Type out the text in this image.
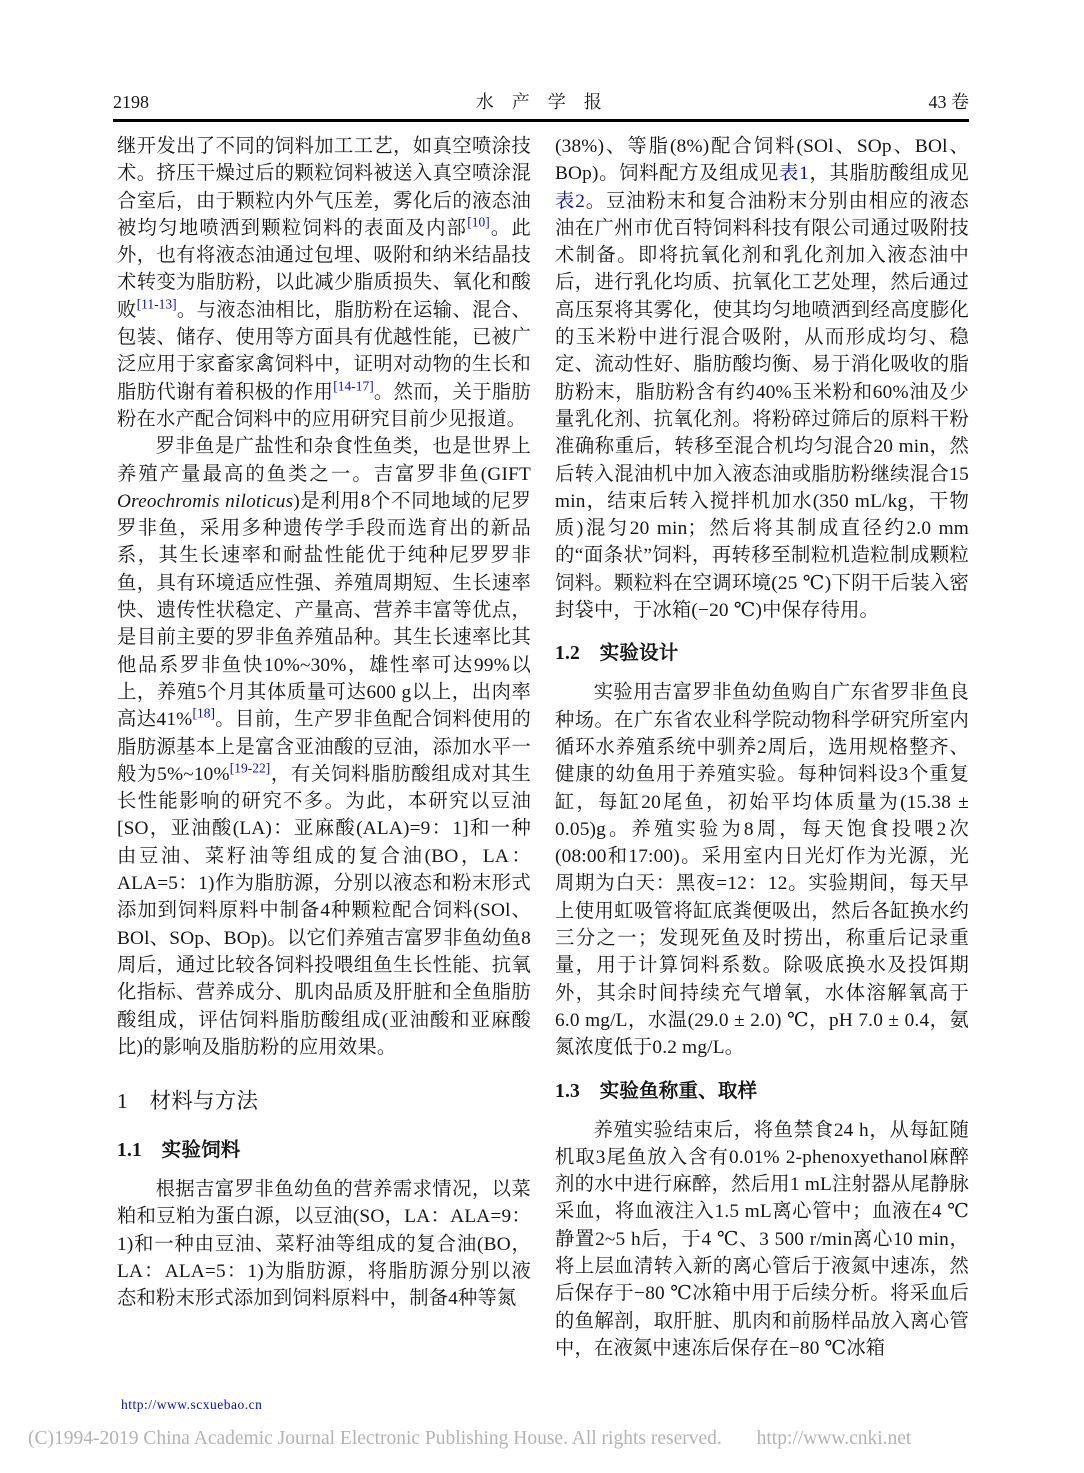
2198	水　产　学　报	43 卷

继开发出了不同的饲料加工工艺，如真空喷涂技术。挤压干燥过后的颗粒饲料被送入真空喷涂混合室后，由于颗粒内外气压差，雾化后的液态油被均匀地喷洒到颗粒饲料的表面及内部[10]。此外，也有将液态油通过包埋、吸附和纳米结晶技术转变为脂肪粉，以此减少脂质损失、氧化和酸败[11-13]。与液态油相比，脂肪粉在运输、混合、包装、储存、使用等方面具有优越性能，已被广泛应用于家畜家禽饲料中，证明对动物的生长和脂肪代谢有着积极的作用[14-17]。然而，关于脂肪粉在水产配合饲料中的应用研究目前少见报道。

罗非鱼是广盐性和杂食性鱼类，也是世界上养殖产量最高的鱼类之一。吉富罗非鱼(GIFT Oreochromis niloticus)是利用8个不同地域的尼罗罗非鱼，采用多种遗传学手段而选育出的新品系，其生长速率和耐盐性能优于纯种尼罗罗非鱼，具有环境适应性强、养殖周期短、生长速率快、遗传性状稳定、产量高、营养丰富等优点，是目前主要的罗非鱼养殖品种。其生长速率比其他品系罗非鱼快10%~30%，雄性率可达99%以上，养殖5个月其体质量可达600 g以上，出肉率高达41%[18]。目前，生产罗非鱼配合饲料使用的脂肪源基本上是富含亚油酸的豆油，添加水平一般为5%~10%[19-22]，有关饲料脂肪酸组成对其生长性能影响的研究不多。为此，本研究以豆油[SO，亚油酸(LA)：亚麻酸(ALA)=9：1]和一种由豆油、菜籽油等组成的复合油(BO，LA：ALA=5：1)作为脂肪源，分别以液态和粉末形式添加到饲料原料中制备4种颗粒配合饲料(SOl、BOl、SOp、BOp)。以它们养殖吉富罗非鱼幼鱼8周后，通过比较各饲料投喂组鱼生长性能、抗氧化指标、营养成分、肌肉品质及肝脏和全鱼脂肪酸组成，评估饲料脂肪酸组成(亚油酸和亚麻酸比)的影响及脂肪粉的应用效果。

1　材料与方法
1.1　实验饲料

根据吉富罗非鱼幼鱼的营养需求情况，以菜粕和豆粕为蛋白源，以豆油(SO，LA：ALA=9：1)和一种由豆油、菜籽油等组成的复合油(BO，LA：ALA=5：1)为脂肪源，将脂肪源分别以液态和粉末形式添加到饲料原料中，制备4种等氮

(38%)、等脂(8%)配合饲料(SOl、SOp、BOl、BOp)。饲料配方及组成见表1，其脂肪酸组成见表2。豆油粉末和复合油粉末分别由相应的液态油在广州市优百特饲料科技有限公司通过吸附技术制备。即将抗氧化剂和乳化剂加入液态油中后，进行乳化均质、抗氧化工艺处理，然后通过高压泵将其雾化，使其均匀地喷洒到经高度膨化的玉米粉中进行混合吸附，从而形成均匀、稳定、流动性好、脂肪酸均衡、易于消化吸收的脂肪粉末，脂肪粉含有约40%玉米粉和60%油及少量乳化剂、抗氧化剂。将粉碎过筛后的原料干粉准确称重后，转移至混合机均匀混合20 min，然后转入混油机中加入液态油或脂肪粉继续混合15 min，结束后转入搅拌机加水(350 mL/kg，干物质)混匀20 min；然后将其制成直径约2.0 mm的“面条状”饲料，再转移至制粒机造粒制成颗粒饲料。颗粒料在空调环境(25 ℃)下阴干后装入密封袋中，于冰箱(−20 ℃)中保存待用。

1.2　实验设计

实验用吉富罗非鱼幼鱼购自广东省罗非鱼良种场。在广东省农业科学院动物科学研究所室内循环水养殖系统中驯养2周后，选用规格整齐、健康的幼鱼用于养殖实验。每种饲料设3个重复缸，每缸20尾鱼，初始平均体质量为(15.38 ± 0.05)g。养殖实验为8周，每天饱食投喂2次(08:00和17:00)。采用室内日光灯作为光源，光周期为白天：黑夜=12：12。实验期间，每天早上使用虹吸管将缸底粪便吸出，然后各缸换水约三分之一；发现死鱼及时捞出，称重后记录重量，用于计算饲料系数。除吸底换水及投饵期外，其余时间持续充气增氧，水体溶解氧高于6.0 mg/L，水温(29.0 ± 2.0) ℃，pH 7.0 ± 0.4，氨氮浓度低于0.2 mg/L。

1.3　实验鱼称重、取样

养殖实验结束后，将鱼禁食24 h，从每缸随机取3尾鱼放入含有0.01% 2-phenoxyethanol麻醉剂的水中进行麻醉，然后用1 mL注射器从尾静脉采血，将血液注入1.5 mL离心管中；血液在4 ℃静置2~5 h后，于4 ℃、3 500 r/min离心10 min，将上层血清转入新的离心管后于液氮中速冻，然后保存于−80 ℃冰箱中用于后续分析。将采血后的鱼解剖，取肝脏、肌肉和前肠样品放入离心管中，在液氮中速冻后保存在−80 ℃冰箱

http://www.scxuebao.cn
(C)1994-2019 China Academic Journal Electronic Publishing House. All rights reserved. http://www.cnki.net
